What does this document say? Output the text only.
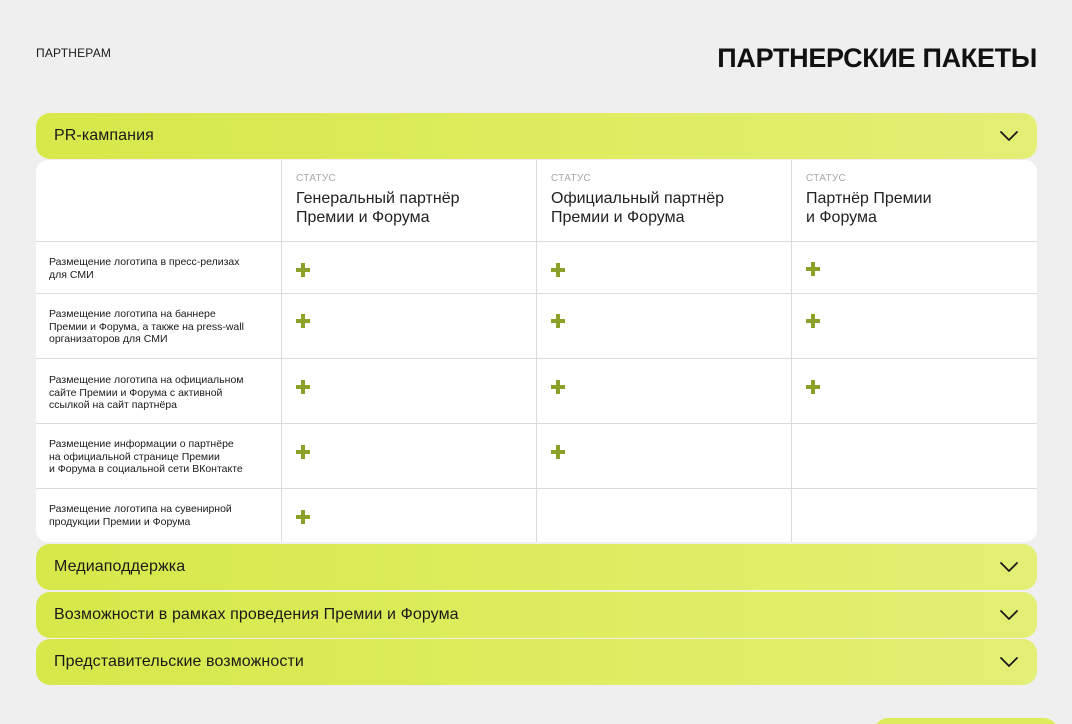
ПАРТНЕРАМ	ПАРТНЕРСКИЕ ПАКЕТЫ
PR-кампания
СТАТУС
Генеральный партнёр
Премии и Форума
СТАТУС
Официальный партнёр
Премии и Форума
СТАТУС
Партнёр Премии
и Форума
Размещение логотипа в пресс-релизах
для СМИ
Размещение логотипа на баннере
Премии и Форума, а также на press-wall
организаторов для СМИ
Размещение логотипа на официальном
сайте Премии и Форума с активной
ссылкой на сайт партнёра
Размещение информации о партнёре
на официальной странице Премии
и Форума в социальной сети ВКонтакте
Размещение логотипа на сувенирной
продукции Премии и Форума
Медиаподдержка
Возможности в рамках проведения Премии и Форума
Представительские возможности
